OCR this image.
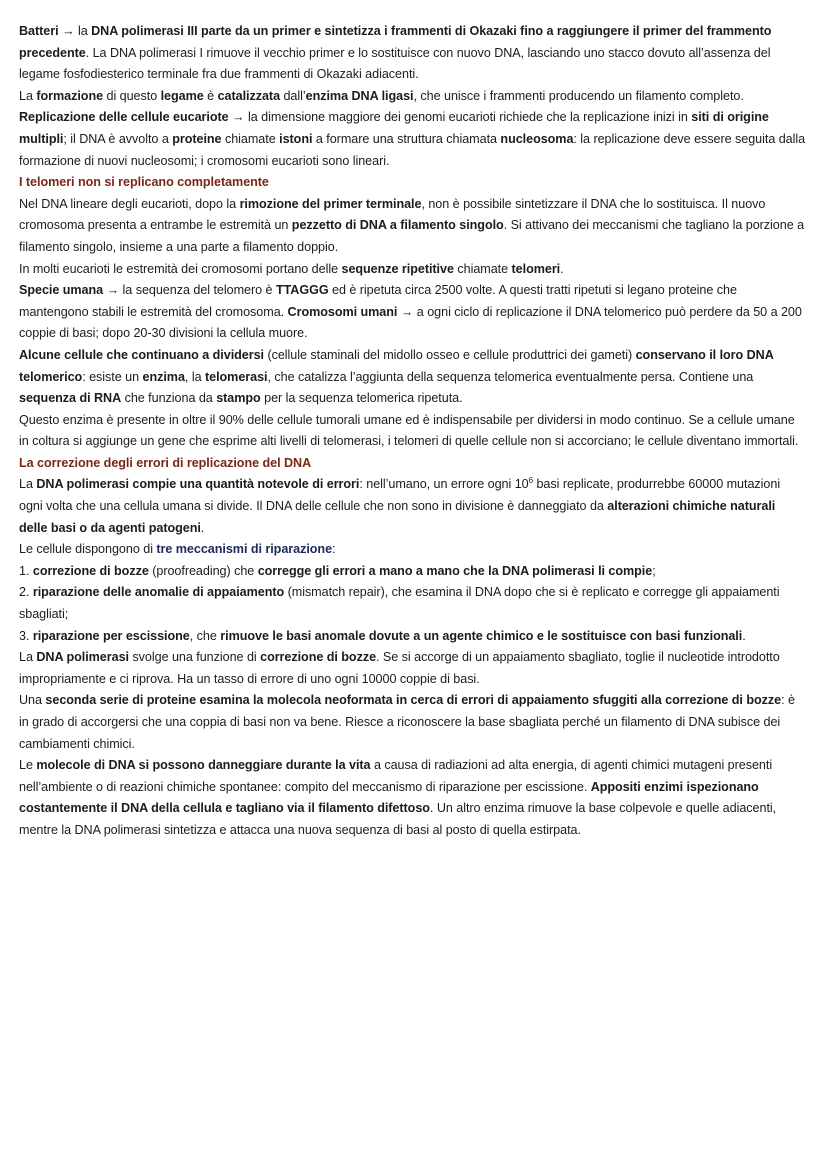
Batteri → la DNA polimerasi III parte da un primer e sintetizza i frammenti di Okazaki fino a raggiungere il primer del frammento precedente. La DNA polimerasi I rimuove il vecchio primer e lo sostituisce con nuovo DNA, lasciando uno stacco dovuto all’assenza del legame fosfodiesterico terminale fra due frammenti di Okazaki adiacenti.

La formazione di questo legame è catalizzata dall’enzima DNA ligasi, che unisce i frammenti producendo un filamento completo.

Replicazione delle cellule eucariote → la dimensione maggiore dei genomi eucarioti richiede che la replicazione inizi in siti di origine multipli; il DNA è avvolto a proteine chiamate istoni a formare una struttura chiamata nucleosoma: la replicazione deve essere seguita dalla formazione di nuovi nucleosomi; i cromosomi eucarioti sono lineari.

I telomeri non si replicano completamente

Nel DNA lineare degli eucarioti, dopo la rimozione del primer terminale, non è possibile sintetizzare il DNA che lo sostituisca. Il nuovo cromosoma presenta a entrambe le estremità un pezzetto di DNA a filamento singolo. Si attivano dei meccanismi che tagliano la porzione a filamento singolo, insieme a una parte a filamento doppio.

In molti eucarioti le estremità dei cromosomi portano delle sequenze ripetitive chiamate telomeri.

Specie umana → la sequenza del telomero è TTAGGG ed è ripetuta circa 2500 volte. A questi tratti ripetuti si legano proteine che mantengono stabili le estremità del cromosoma. Cromosomi umani → a ogni ciclo di replicazione il DNA telomerico può perdere da 50 a 200 coppie di basi; dopo 20-30 divisioni la cellula muore.

Alcune cellule che continuano a dividersi (cellule staminali del midollo osseo e cellule produttrici dei gameti) conservano il loro DNA telomerico: esiste un enzima, la telomerasi, che catalizza l’aggiunta della sequenza telomerica eventualmente persa. Contiene una sequenza di RNA che funziona da stampo per la sequenza telomerica ripetuta.

Questo enzima è presente in oltre il 90% delle cellule tumorali umane ed è indispensabile per dividersi in modo continuo. Se a cellule umane in coltura si aggiunge un gene che esprime alti livelli di telomerasi, i telomeri di quelle cellule non si accorciano; le cellule diventano immortali.

La correzione degli errori di replicazione del DNA

La DNA polimerasi compie una quantità notevole di errori: nell’umano, un errore ogni $10^6$ basi replicate, produrrebbe 60000 mutazioni ogni volta che una cellula umana si divide. Il DNA delle cellule che non sono in divisione è danneggiato da alterazioni chimiche naturali delle basi o da agenti patogeni.

Le cellule dispongono di tre meccanismi di riparazione:

1. correzione di bozze (proofreading) che corregge gli errori a mano a mano che la DNA polimerasi li compie;

2. riparazione delle anomalie di appaiamento (mismatch repair), che esamina il DNA dopo che si è replicato e corregge gli appaiamenti sbagliati;

3. riparazione per escissione, che rimuove le basi anomale dovute a un agente chimico e le sostituisce con basi funzionali.

La DNA polimerasi svolge una funzione di correzione di bozze. Se si accorge di un appaiamento sbagliato, toglie il nucleotide introdotto impropriamente e ci riprova. Ha un tasso di errore di uno ogni 10000 coppie di basi.

Una seconda serie di proteine esamina la molecola neoformata in cerca di errori di appaiamento sfuggiti alla correzione di bozze: è in grado di accorgersi che una coppia di basi non va bene. Riesce a riconoscere la base sbagliata perché un filamento di DNA subisce dei cambiamenti chimici.

Le molecole di DNA si possono danneggiare durante la vita a causa di radiazioni ad alta energia, di agenti chimici mutageni presenti nell’ambiente o di reazioni chimiche spontanee: compito del meccanismo di riparazione per escissione. Appositi enzimi ispezionano costantemente il DNA della cellula e tagliano via il filamento difettoso. Un altro enzima rimuove la base colpevole e quelle adiacenti, mentre la DNA polimerasi sintetizza e attacca una nuova sequenza di basi al posto di quella estirpata.
